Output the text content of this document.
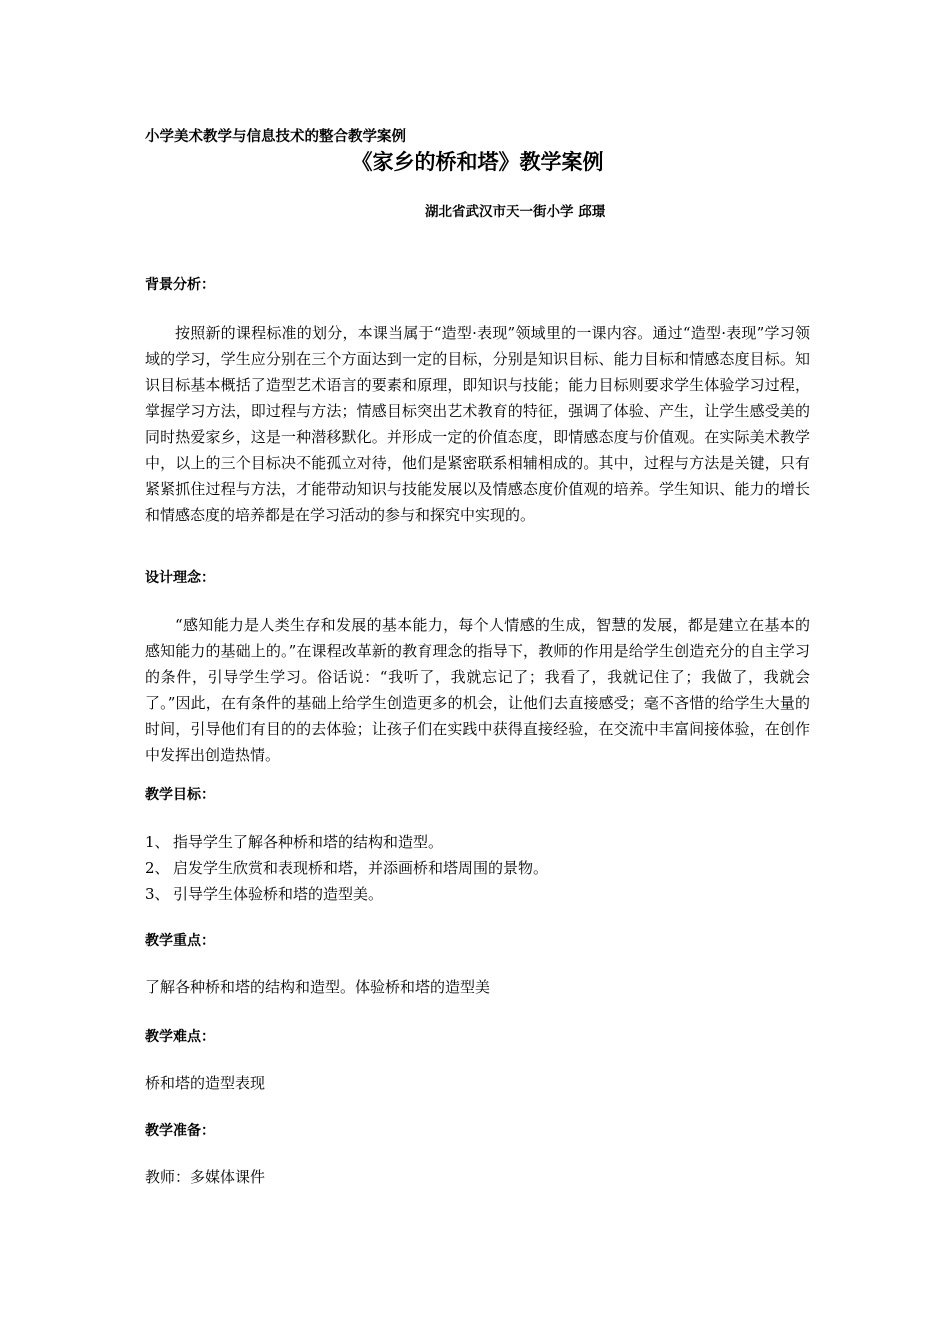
小学美术教学与信息技术的整合教学案例
《家乡的桥和塔》教学案例
湖北省武汉市天一街小学 邱璟
背景分析：
按照新的课程标准的划分，本课当属于“造型·表现”领域里的一课内容。通过“造型·表现”学习领域的学习，学生应分别在三个方面达到一定的目标，分别是知识目标、能力目标和情感态度目标。知识目标基本概括了造型艺术语言的要素和原理，即知识与技能；能力目标则要求学生体验学习过程，掌握学习方法，即过程与方法；情感目标突出艺术教育的特征，强调了体验、产生，让学生感受美的同时热爱家乡，这是一种潜移默化。并形成一定的价值态度，即情感态度与价值观。在实际美术教学中，以上的三个目标决不能孤立对待，他们是紧密联系相辅相成的。其中，过程与方法是关键，只有紧紧抓住过程与方法，才能带动知识与技能发展以及情感态度价值观的培养。学生知识、能力的增长和情感态度的培养都是在学习活动的参与和探究中实现的。
设计理念：
“感知能力是人类生存和发展的基本能力，每个人情感的生成，智慧的发展，都是建立在基本的感知能力的基础上的。”在课程改革新的教育理念的指导下，教师的作用是给学生创造充分的自主学习的条件，引导学生学习。俗话说：“我听了，我就忘记了；我看了，我就记住了；我做了，我就会了。”因此，在有条件的基础上给学生创造更多的机会，让他们去直接感受；毫不吝惜的给学生大量的时间，引导他们有目的的去体验；让孩子们在实践中获得直接经验，在交流中丰富间接体验，在创作中发挥出创造热情。
教学目标：
1、 指导学生了解各种桥和塔的结构和造型。
2、 启发学生欣赏和表现桥和塔，并添画桥和塔周围的景物。
3、 引导学生体验桥和塔的造型美。
教学重点：
了解各种桥和塔的结构和造型。体验桥和塔的造型美
教学难点：
桥和塔的造型表现
教学准备：
教师：多媒体课件
